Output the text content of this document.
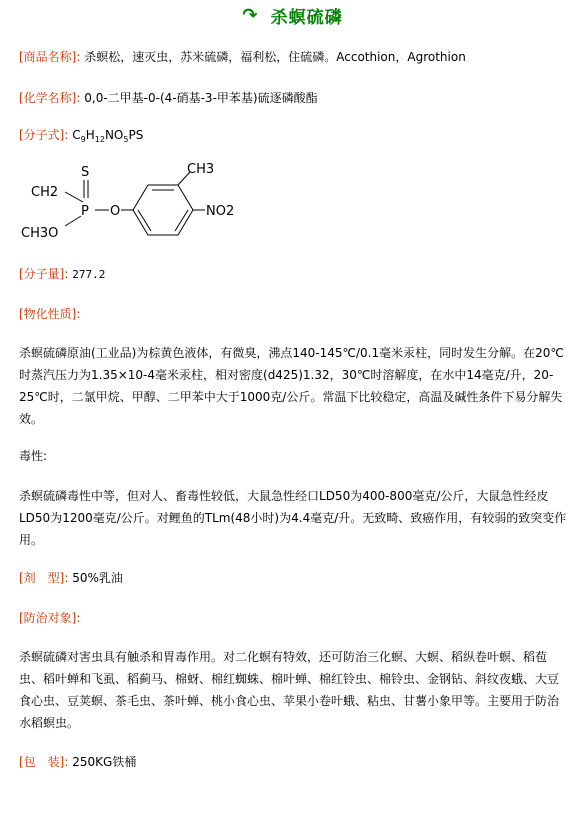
↷ 杀螟硫磷
[商品名称]: 杀螟松，速灭虫，苏米硫磷，福利松，住硫磷。Accothion，Agrothion
[化学名称]: 0,0-二甲基-0-(4-硝基-3-甲苯基)硫逐磷酸酯
[分子式]: $C_9H_{12}NO_5PS$
S
CH2
P O
CH3O
CH3
NO2
[分子量]: 277.2
[物化性质]:
杀螟硫磷原油(工业品)为棕黄色液体，有微臭，沸点140-145℃/0.1毫米汞柱，同时发生分解。在20℃时蒸汽压力为1.35×10-4毫米汞柱，相对密度(d425)1.32，30℃时溶解度，在水中14毫克/升，20-25℃时，二氯甲烷、甲醇、二甲苯中大于1000克/公斤。常温下比较稳定，高温及碱性条件下易分解失效。
毒性:
杀螟硫磷毒性中等，但对人、畜毒性较低，大鼠急性经口LD50为400-800毫克/公斤，大鼠急性经皮LD50为1200毫克/公斤。对鲤鱼的TLm(48小时)为4.4毫克/升。无致畸、致癌作用，有较弱的致突变作用。
[剂　型]: 50%乳油
[防治对象]:
杀螟硫磷对害虫具有触杀和胃毒作用。对二化螟有特效，还可防治三化螟、大螟、稻纵卷叶螟、稻苞虫、稻叶蝉和飞虱、稻蓟马、棉蚜、棉红蜘蛛、棉叶蝉、棉红铃虫、棉铃虫、金钢钻、斜纹夜蛾、大豆食心虫、豆荚螟、茶毛虫、茶叶蝉、桃小食心虫、苹果小卷叶蛾、粘虫、甘薯小象甲等。主要用于防治水稻螟虫。
[包　装]: 250KG铁桶
